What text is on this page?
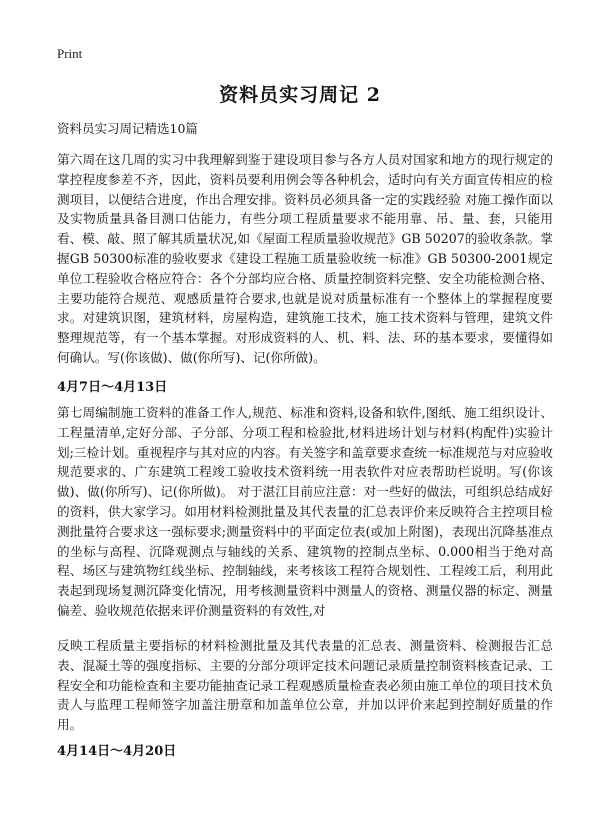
Print
资料员实习周记 2
资料员实习周记精选10篇

第六周在这几周的实习中我理解到鉴于建设项目参与各方人员对国家和地方的现行规定的掌控程度参差不齐，因此，资料员要利用例会等各种机会，适时向有关方面宣传相应的检测项目，以便结合进度，作出合理安排。资料员必须具备一定的实践经验 对施工操作面以及实物质量具备目测口估能力，有些分项工程质量要求不能用靠、吊、量、套，只能用看、模、敲、照了解其质量状况,如《屋面工程质量验收规范》GB 50207的验收条款。掌握GB 50300标准的验收要求《建设工程施工质量验收统一标准》GB 50300-2001规定单位工程验收合格应符合：各个分部均应合格、质量控制资料完整、安全功能检测合格、主要功能符合规范、观感质量符合要求,也就是说对质量标准有一个整体上的掌握程度要求。对建筑识图，建筑材料，房屋构造，建筑施工技术，施工技术资料与管理，建筑文件整理规范等，有一个基本掌握。对形成资料的人、机、料、法、环的基本要求，要懂得如何确认。写(你该做)、做(你所写)、记(你所做)。

4月7日～4月13日

第七周编制施工资料的准备工作人,规范、标准和资料,设备和软件,图纸、施工组织设计、工程量清单,定好分部、子分部、分项工程和检验批,材料进场计划与材料(构配件)实验计划;三检计划。重视程序与其对应的内容。有关签字和盖章要求查统一标准规范与对应验收规范要求的、广东建筑工程竣工验收技术资料统一用表软件对应表帮助栏说明。写(你该做)、做(你所写)、记(你所做)。 对于湛江目前应注意：对一些好的做法，可组织总结成好的资料，供大家学习。如用材料检测批量及其代表量的汇总表评价来反映符合主控项目检测批量符合要求这一强标要求;测量资料中的平面定位表(或加上附图)，表现出沉降基准点的坐标与高程、沉降观测点与轴线的关系、建筑物的控制点坐标、0.000相当于绝对高程、场区与建筑物红线坐标、控制轴线，来考核该工程符合规划性、工程竣工后，利用此表起到现场复测沉降变化情况，用考核测量资料中测量人的资格、测量仪器的标定、测量偏差、验收规范依据来评价测量资料的有效性,对

反映工程质量主要指标的材料检测批量及其代表量的汇总表、测量资料、检测报告汇总表、混凝土等的强度指标、主要的分部分项评定技术问题记录质量控制资料核查记录、工程安全和功能检查和主要功能抽查记录工程观感质量检查表必须由施工单位的项目技术负责人与监理工程师签字加盖注册章和加盖单位公章，并加以评价来起到控制好质量的作用。

4月14日～4月20日
